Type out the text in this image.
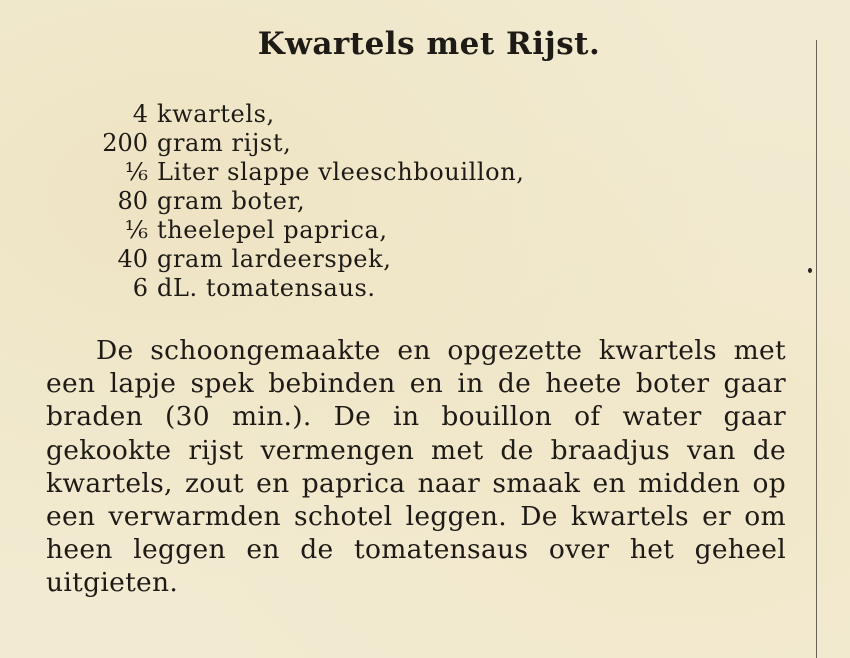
Kwartels met Rijst.
4 kwartels,
200 gram rijst,
⅙ Liter slappe vleeschbouillon,
80 gram boter,
⅙ theelepel paprica,
40 gram lardeerspek,
6 dL. tomatensaus.

De schoongemaakte en opgezette kwartels met een lapje spek bebinden en in de heete boter gaar braden (30 min.). De in bouillon of water gaar gekookte rijst vermengen met de braadjus van de kwartels, zout en paprica naar smaak en midden op een verwarmden schotel leggen. De kwartels er om heen leggen en de tomatensaus over het geheel uitgieten.
